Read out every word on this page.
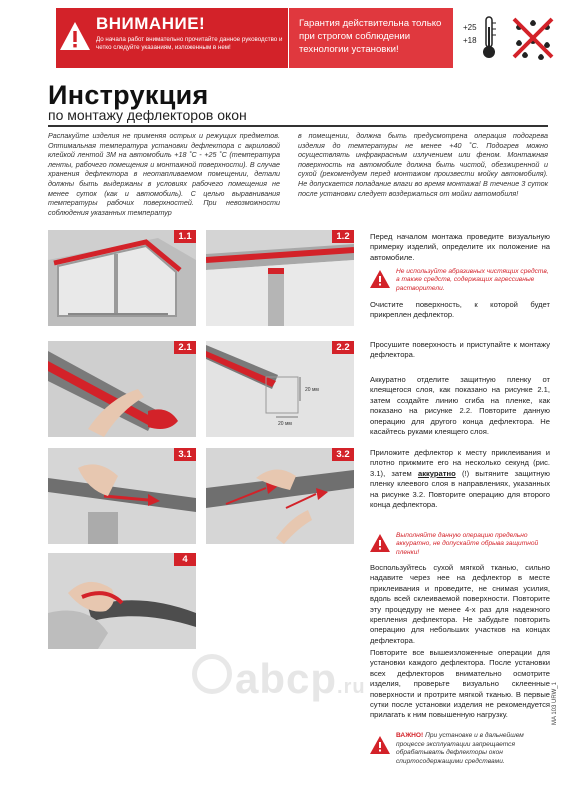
ВНИМАНИЕ!
До начала работ внимательно прочитайте данное руководство и четко следуйте указаниям, изложенным в нем!
Гарантия действительна только при строгом соблюдении технологии установки!
+25
+18
Инструкция
по монтажу дефлекторов окон
Распакуйте изделия не применяя острых и режущих предметов. Оптимальная температура установки дефлектора с акриловой клейкой лентой 3М на автомобиль +18 ˚С - +25 ˚С (температура ленты, рабочего помещения и монтажной поверхности). В случае хранения дефлектора в неотапливаемом помещении, детали должны быть выдержаны в условиях рабочего помещения не менее суток (как и автомобиль). С целью выравнивания температуры рабочих поверхностей. При невозможности соблюдения указанных температур
в помещении, должна быть предусмотрена операция подогрева изделия до температуры не менее +40 ˚С. Подогрев можно осуществлять инфракрасным излучением или феном. Монтажная поверхность на автомобиле должна быть чистой, обезжиренной и сухой (рекомендуем перед монтажом произвести мойку автомобиля). Не допускается попадание влаги во время монтажа! В течение 3 суток после установки следует воздержаться от мойки автомобиля!
1.1	1.2
2.1
20 мм
20 мм
2.2
3.1	3.2
4
Перед началом монтажа проведите визуальную примерку изделий, определите их положение на автомобиле.
Не используйте абразивных чистящих средств, а также средств, содержащих агрессивные растворители.
Очистите поверхность, к которой будет прикреплен дефлектор.
Просушите поверхность и приступайте к монтажу дефлектора.
Аккуратно отделите защитную пленку от клеящегося слоя, как показано на рисунке 2.1, затем создайте линию сгиба на пленке, как показано на рисунке 2.2. Повторите данную операцию для другого конца дефлектора. Не касайтесь руками клеящего слоя.
Приложите дефлектор к месту приклеивания и плотно прижмите его на несколько секунд (рис. 3.1), затем аккуратно (!) вытяните защитную пленку клеевого слоя в направлениях, указанных на рисунке 3.2. Повторите операцию для второго конца дефлектора.
Выполняйте данную операцию предельно аккуратно, не допускайте обрыва защитной пленки!
Воспользуйтесь сухой мягкой тканью, сильно надавите через нее на дефлектор в месте приклеивания и проведите, не снимая усилия, вдоль всей склеиваемой поверхности. Повторите эту процедуру не менее 4-х раз для надежного крепления дефлектора. Не забудьте повторить операцию для небольших участков на концах дефлектора.
Повторите все вышеизложенные операции для установки каждого дефлектора. После установки всех дефлекторов внимательно осмотрите изделия, проверьте визуально склеенные поверхности и протрите мягкой тканью. В первые сутки после установки изделия не рекомендуется прилагать к ним повышенную нагрузку.
ВАЖНО! При установке и в дальнейшем процессе эксплуатации запрещается обрабатывать дефлекторы окон спиртосодержащими средствами.
abcp.ru	MA 103 URW_1
